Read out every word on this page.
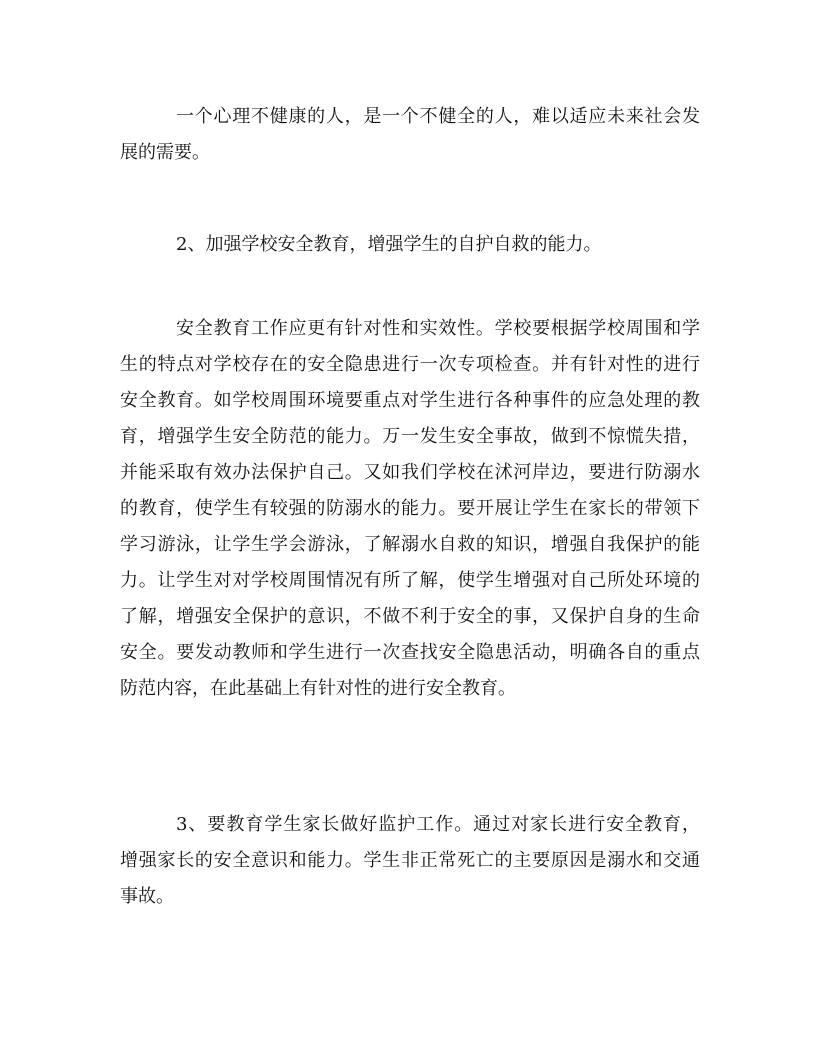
一个心理不健康的人，是一个不健全的人，难以适应未来社会发
展的需要。
2、加强学校安全教育，增强学生的自护自救的能力。
安全教育工作应更有针对性和实效性。学校要根据学校周围和学
生的特点对学校存在的安全隐患进行一次专项检查。并有针对性的进行
安全教育。如学校周围环境要重点对学生进行各种事件的应急处理的教
育，增强学生安全防范的能力。万一发生安全事故，做到不惊慌失措，
并能采取有效办法保护自己。又如我们学校在沭河岸边，要进行防溺水
的教育，使学生有较强的防溺水的能力。要开展让学生在家长的带领下
学习游泳，让学生学会游泳，了解溺水自救的知识，增强自我保护的能
力。让学生对对学校周围情况有所了解，使学生增强对自己所处环境的
了解，增强安全保护的意识，不做不利于安全的事，又保护自身的生命
安全。要发动教师和学生进行一次查找安全隐患活动，明确各自的重点
防范内容，在此基础上有针对性的进行安全教育。
3、要教育学生家长做好监护工作。通过对家长进行安全教育，
增强家长的安全意识和能力。学生非正常死亡的主要原因是溺水和交通
事故。
